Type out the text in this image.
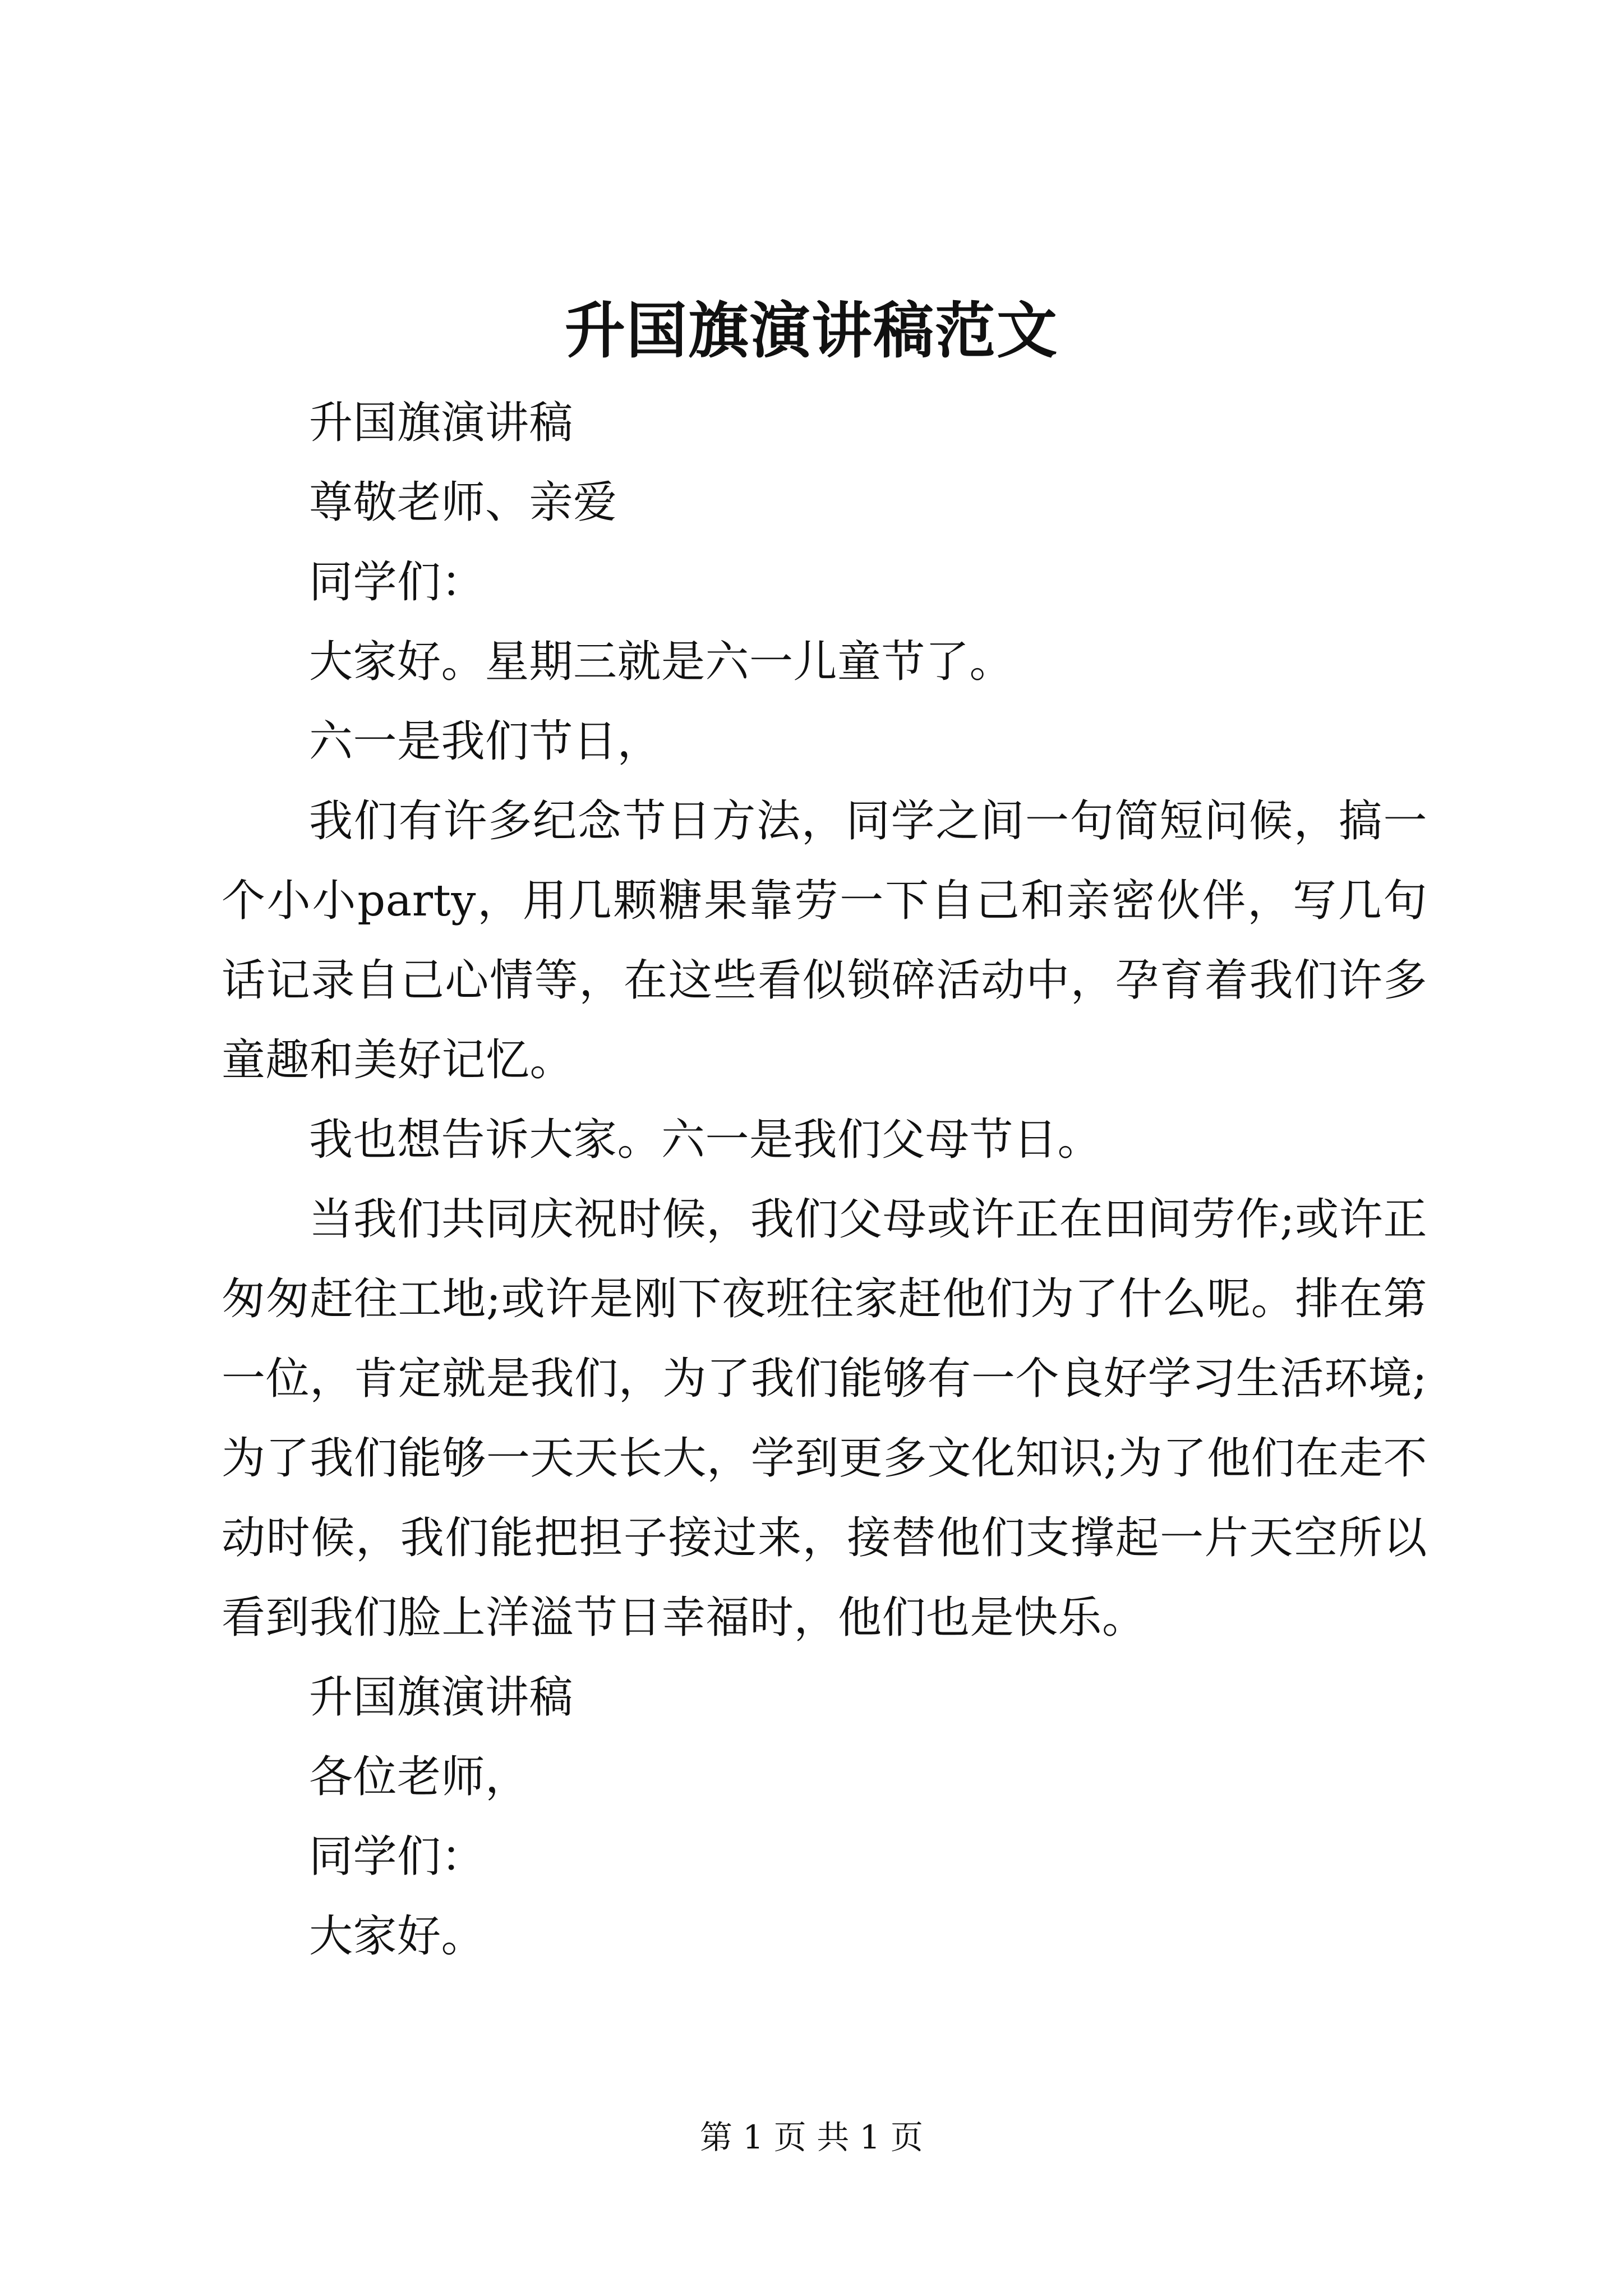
升国旗演讲稿范文

升国旗演讲稿

尊敬老师、亲爱

同学们：

大家好。星期三就是六一儿童节了。

六一是我们节日，

我们有许多纪念节日方法，同学之间一句简短问候，搞一个小小party，用几颗糖果靠劳一下自己和亲密伙伴，写几句话记录自己心情等，在这些看似锁碎活动中，孕育着我们许多童趣和美好记忆。

我也想告诉大家。六一是我们父母节日。

当我们共同庆祝时候，我们父母或许正在田间劳作;或许正匆匆赶往工地;或许是刚下夜班往家赶他们为了什么呢。排在第一位，肯定就是我们，为了我们能够有一个良好学习生活环境;为了我们能够一天天长大，学到更多文化知识;为了他们在走不动时候，我们能把担子接过来，接替他们支撑起一片天空所以看到我们脸上洋溢节日幸福时，他们也是快乐。

升国旗演讲稿

各位老师，

同学们：

大家好。

第 1 页 共 1 页
